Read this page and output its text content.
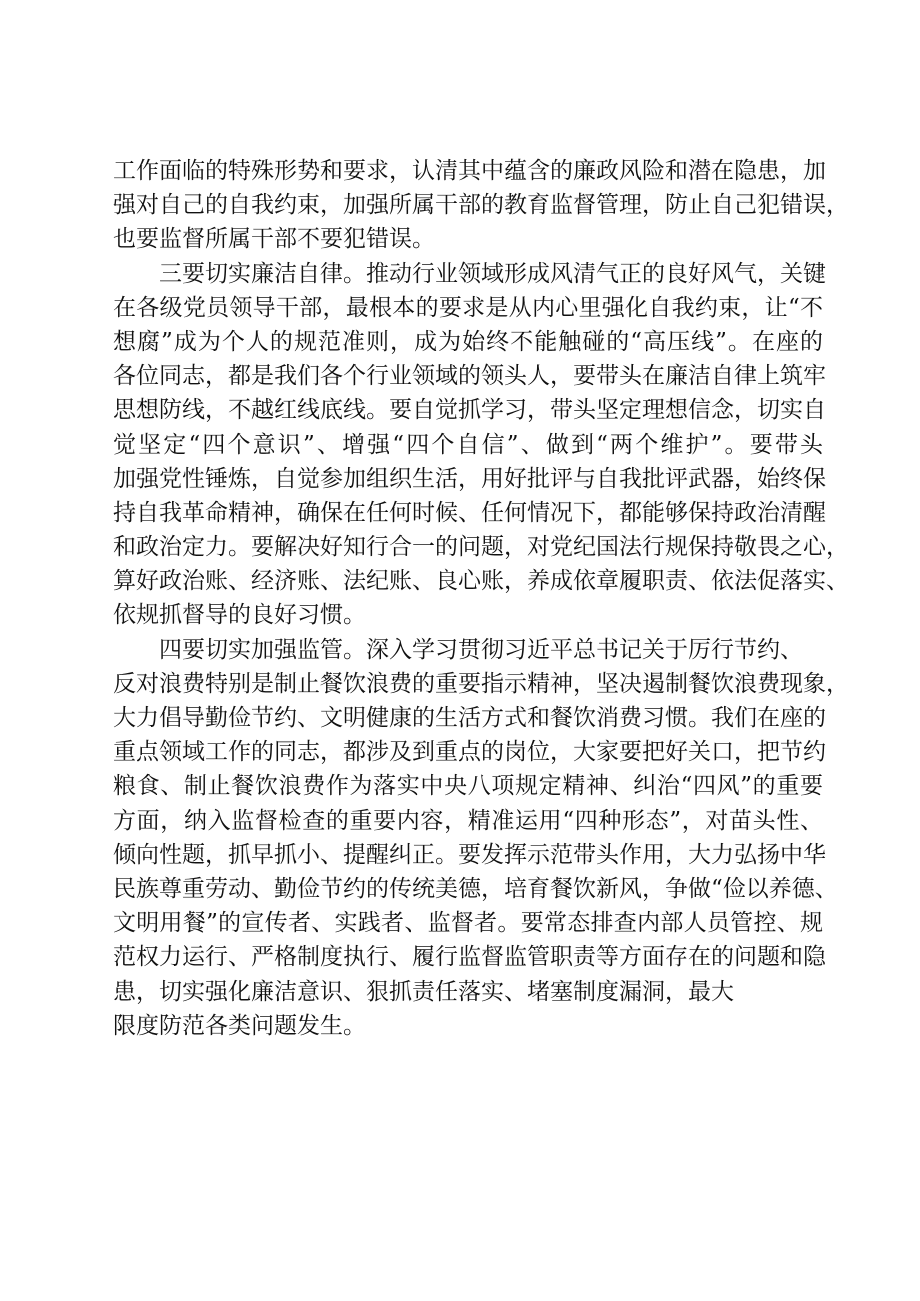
工作面临的特殊形势和要求，认清其中蕴含的廉政风险和潜在隐患，加
强对自己的自我约束，加强所属干部的教育监督管理，防止自己犯错误，
也要监督所属干部不要犯错误。
三要切实廉洁自律。推动行业领域形成风清气正的良好风气，关键
在各级党员领导干部，最根本的要求是从内心里强化自我约束，让“不
想腐”成为个人的规范准则，成为始终不能触碰的“高压线”。在座的
各位同志，都是我们各个行业领域的领头人，要带头在廉洁自律上筑牢
思想防线，不越红线底线。要自觉抓学习，带头坚定理想信念，切实自
觉坚定“四个意识”、增强“四个自信”、做到“两个维护”。要带头
加强党性锤炼，自觉参加组织生活，用好批评与自我批评武器，始终保
持自我革命精神，确保在任何时候、任何情况下，都能够保持政治清醒
和政治定力。要解决好知行合一的问题，对党纪国法行规保持敬畏之心，
算好政治账、经济账、法纪账、良心账，养成依章履职责、依法促落实、
依规抓督导的良好习惯。
四要切实加强监管。深入学习贯彻习近平总书记关于厉行节约、
反对浪费特别是制止餐饮浪费的重要指示精神，坚决遏制餐饮浪费现象，
大力倡导勤俭节约、文明健康的生活方式和餐饮消费习惯。我们在座的
重点领域工作的同志，都涉及到重点的岗位，大家要把好关口，把节约
粮食、制止餐饮浪费作为落实中央八项规定精神、纠治“四风”的重要
方面，纳入监督检查的重要内容，精准运用“四种形态”，对苗头性、
倾向性题，抓早抓小、提醒纠正。要发挥示范带头作用，大力弘扬中华
民族尊重劳动、勤俭节约的传统美德，培育餐饮新风，争做“俭以养德、
文明用餐”的宣传者、实践者、监督者。要常态排查内部人员管控、规
范权力运行、严格制度执行、履行监督监管职责等方面存在的问题和隐
患，切实强化廉洁意识、狠抓责任落实、堵塞制度漏洞，最大
限度防范各类问题发生。
